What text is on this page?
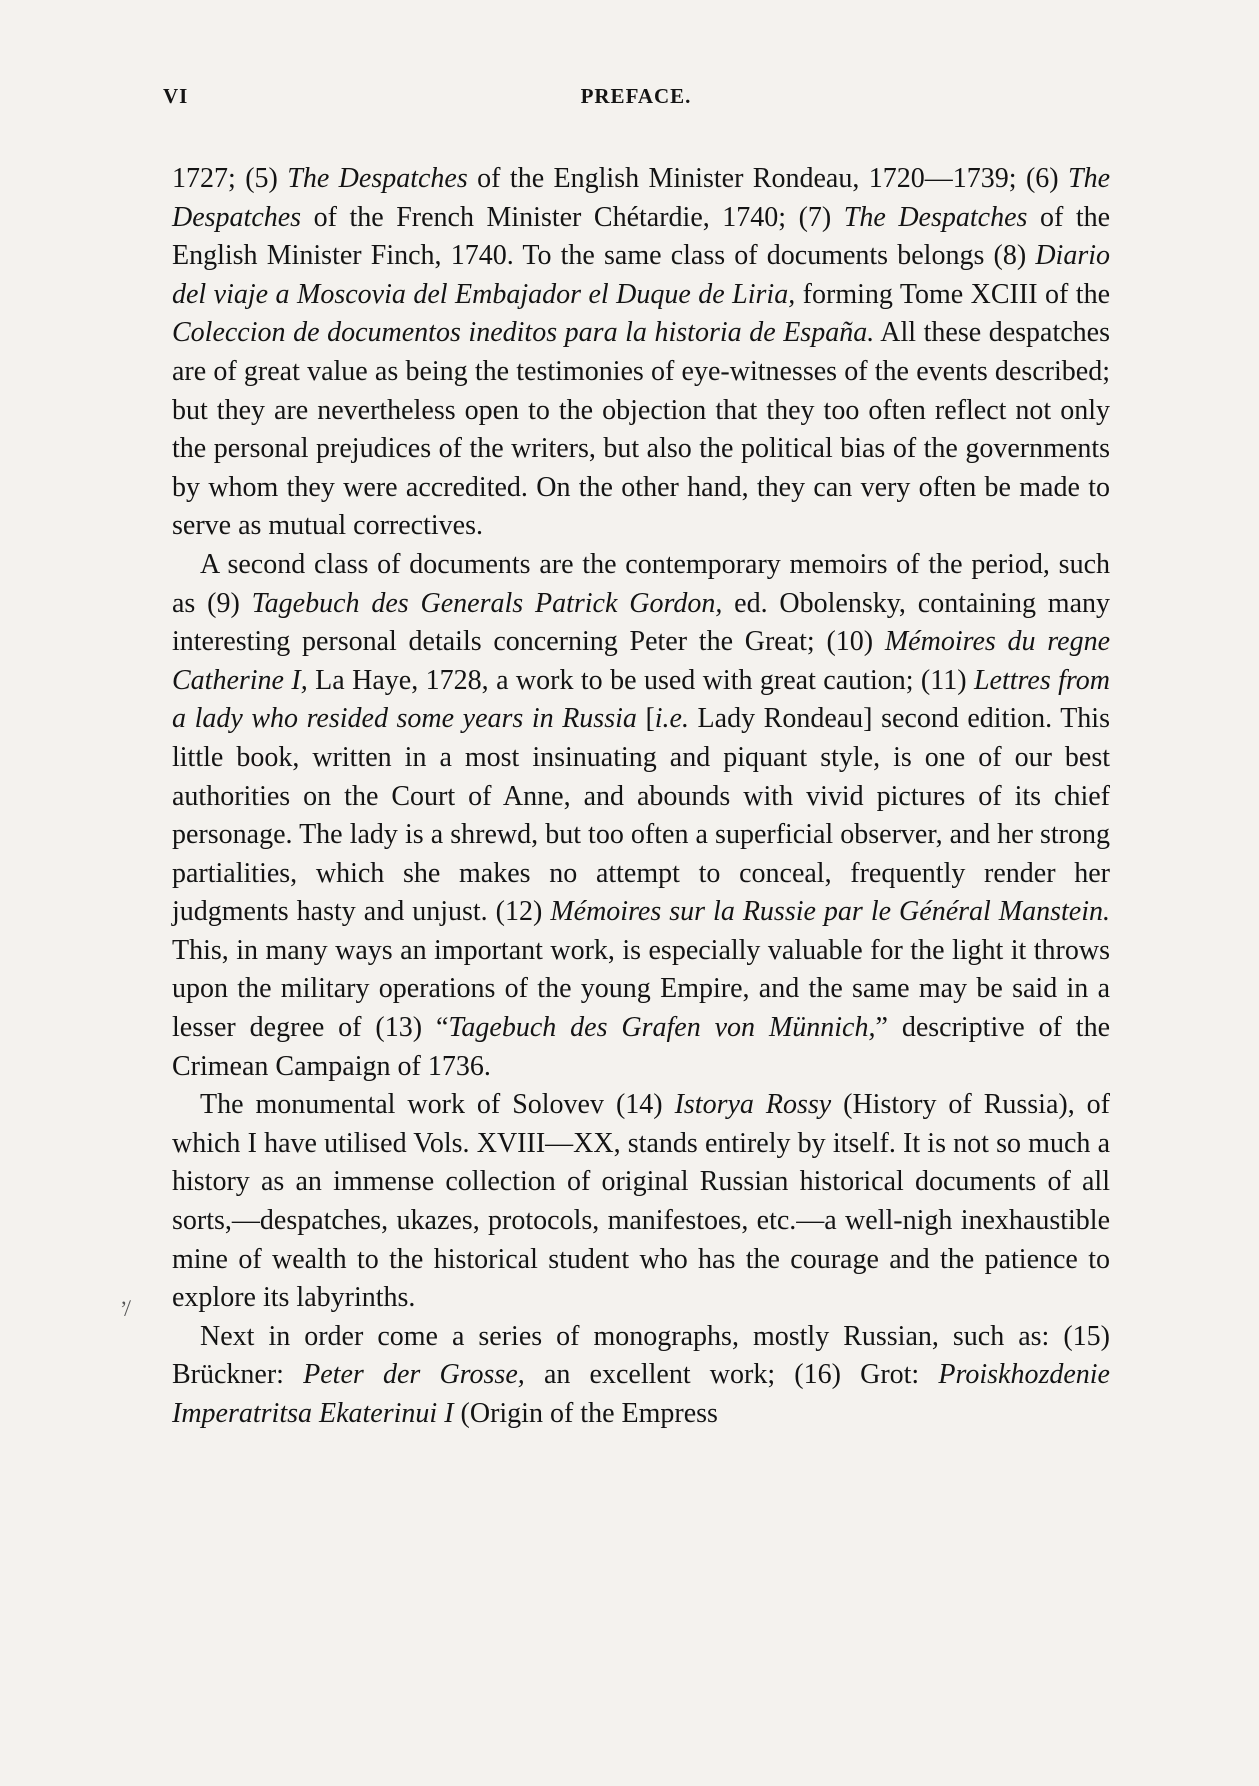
VI	PREFACE.
’̸

1727; (5) The Despatches of the English Minister Rondeau, 1720—1739; (6) The Despatches of the French Minister Chétardie, 1740; (7) The Despatches of the English Minister Finch, 1740. To the same class of documents belongs (8) Diario del viaje a Moscovia del Embajador el Duque de Liria, forming Tome XCIII of the Coleccion de documentos ineditos para la historia de España. All these despatches are of great value as being the testimonies of eye-witnesses of the events described; but they are nevertheless open to the objection that they too often reflect not only the personal prejudices of the writers, but also the political bias of the governments by whom they were accredited. On the other hand, they can very often be made to serve as mutual correctives.

A second class of documents are the contemporary memoirs of the period, such as (9) Tagebuch des Generals Patrick Gordon, ed. Obolensky, containing many interesting personal details concerning Peter the Great; (10) Mémoires du regne Catherine I, La Haye, 1728, a work to be used with great caution; (11) Lettres from a lady who resided some years in Russia [i.e. Lady Rondeau] second edition. This little book, written in a most insinuating and piquant style, is one of our best authorities on the Court of Anne, and abounds with vivid pictures of its chief personage. The lady is a shrewd, but too often a superficial observer, and her strong partialities, which she makes no attempt to conceal, frequently render her judgments hasty and unjust. (12) Mémoires sur la Russie par le Général Manstein. This, in many ways an important work, is especially valuable for the light it throws upon the military operations of the young Empire, and the same may be said in a lesser degree of (13) “Tagebuch des Grafen von Münnich,” descriptive of the Crimean Campaign of 1736.

The monumental work of Solovev (14) Istorya Rossy (History of Russia), of which I have utilised Vols. XVIII—XX, stands entirely by itself. It is not so much a history as an immense collection of original Russian historical documents of all sorts,—despatches, ukazes, protocols, manifestoes, etc.—a well-nigh inexhaustible mine of wealth to the historical student who has the courage and the patience to explore its labyrinths.

Next in order come a series of monographs, mostly Russian, such as: (15) Brückner: Peter der Grosse, an excellent work; (16) Grot: Proiskhozdenie Imperatritsa Ekaterinui I (Origin of the Empress
